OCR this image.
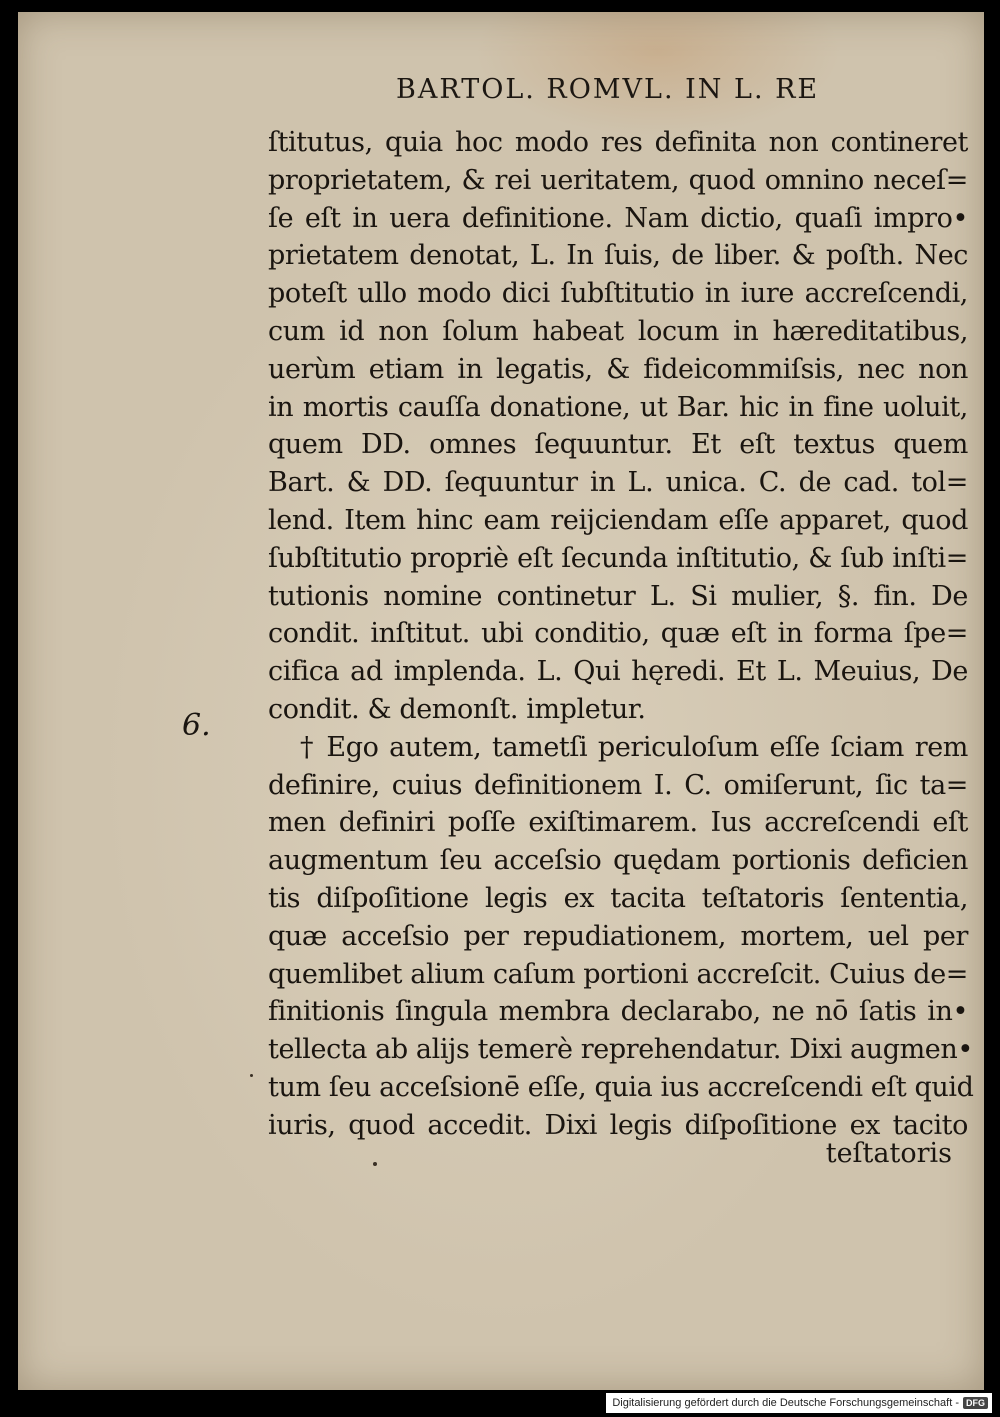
BARTOL. ROMVL. IN L. RE
6.
ſtitutus, quia hoc modo res definita non contineret
proprietatem, & rei ueritatem, quod omnino neceſ=
ſe eſt in uera definitione. Nam dictio, quaſi impro•
prietatem denotat, L. In ſuis, de liber. & poſth. Nec
poteſt ullo modo dici ſubſtitutio in iure accreſcendi,
cum id non ſolum habeat locum in hæreditatibus,
uerùm etiam in legatis, & fideicommiſsis, nec non
in mortis cauſſa donatione, ut Bar. hic in fine uoluit,
quem DD. omnes ſequuntur. Et eſt textus quem
Bart. & DD. ſequuntur in L. unica. C. de cad. tol=
lend. Item hinc eam reijciendam eſſe apparet, quod
ſubſtitutio propriè eſt ſecunda inſtitutio, & ſub inſti=
tutionis nomine continetur L. Si mulier, §. fin. De
condit. inſtitut. ubi conditio, quæ eſt in forma ſpe=
cifica ad implenda. L. Qui hęredi. Et L. Meuius, De
condit. & demonſt. impletur.
† Ego autem, tametſi periculoſum eſſe ſciam rem
definire, cuius definitionem I. C. omiſerunt, ſic ta=
men definiri poſſe exiſtimarem. Ius accreſcendi eſt
augmentum ſeu acceſsio quędam portionis deficien
tis diſpoſitione legis ex tacita teſtatoris ſententia,
quæ acceſsio per repudiationem, mortem, uel per
quemlibet alium caſum portioni accreſcit. Cuius de=
finitionis ſingula membra declarabo, ne nō ſatis in•
tellecta ab alijs temerè reprehendatur. Dixi augmen•
tum ſeu acceſsionē eſſe, quia ius accreſcendi eſt quid
iuris, quod accedit. Dixi legis diſpoſitione ex tacito
teſtatoris
Digitalisierung gefördert durch die Deutsche Forschungsgemeinschaft - DFG
